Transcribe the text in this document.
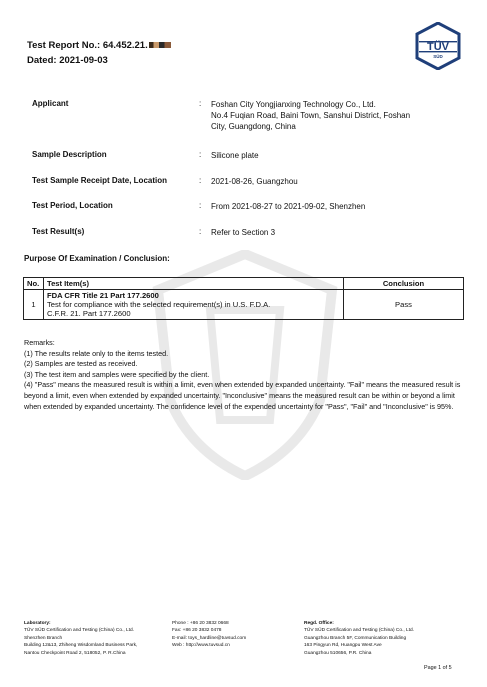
Test Report No.: 64.452.21.
Dated: 2021-09-03
TÜV
SÜD
Applicant	: Foshan City Yongjianxing Technology Co., Ltd.
No.4 Fuqian Road, Baini Town, Sanshui District, Foshan
City, Guangdong, China
Sample Description	: Silicone plate
Test Sample Receipt Date, Location	: 2021-08-26, Guangzhou
Test Period, Location	: From 2021-08-27 to 2021-09-02, Shenzhen
Test Result(s)	: Refer to Section 3
Purpose Of Examination / Conclusion:
No.	Test Item(s)	Conclusion
1	FDA CFR Title 21 Part 177.2600
Test for compliance with the selected requirement(s) in U.S. F.D.A.
C.F.R. 21. Part 177.2600	Pass
Remarks:
(1) The results relate only to the items tested.
(2) Samples are tested as received.
(3) The test item and samples were specified by the client.
(4) "Pass" means the measured result is within a limit, even when extended by expanded uncertainty. "Fail" means the measured result is beyond a limit, even when extended by expanded uncertainty. "Inconclusive" means the measured result can be within or beyond a limit when extended by expanded uncertainty. The confidence level of the expended uncertainty for "Pass", "Fail" and "Inconclusive" is 95%.
Laboratory:
TÜV SÜD Certification and Testing (China) Co., Ltd.
Shenzhen Branch
Building 12&13, Zhiheng Wisdomland Business Park,
Nantou Checkpoint Road 2, 518052, P. R.China
Phone : +86 20 3832 0668
Fax: +86 20 3832 0478
E-mail: toys_hardline@tuvsud.com
Web : http://www.tuvsud.cn
Regd. Office:
TÜV SÜD Certification and Testing (China) Co., Ltd.
Guangzhou Branch 5F, Communication Building
163 Pingyun Rd, Huangpu West Ave
Guangzhou 510656, P.R. China
Page 1 of 5
